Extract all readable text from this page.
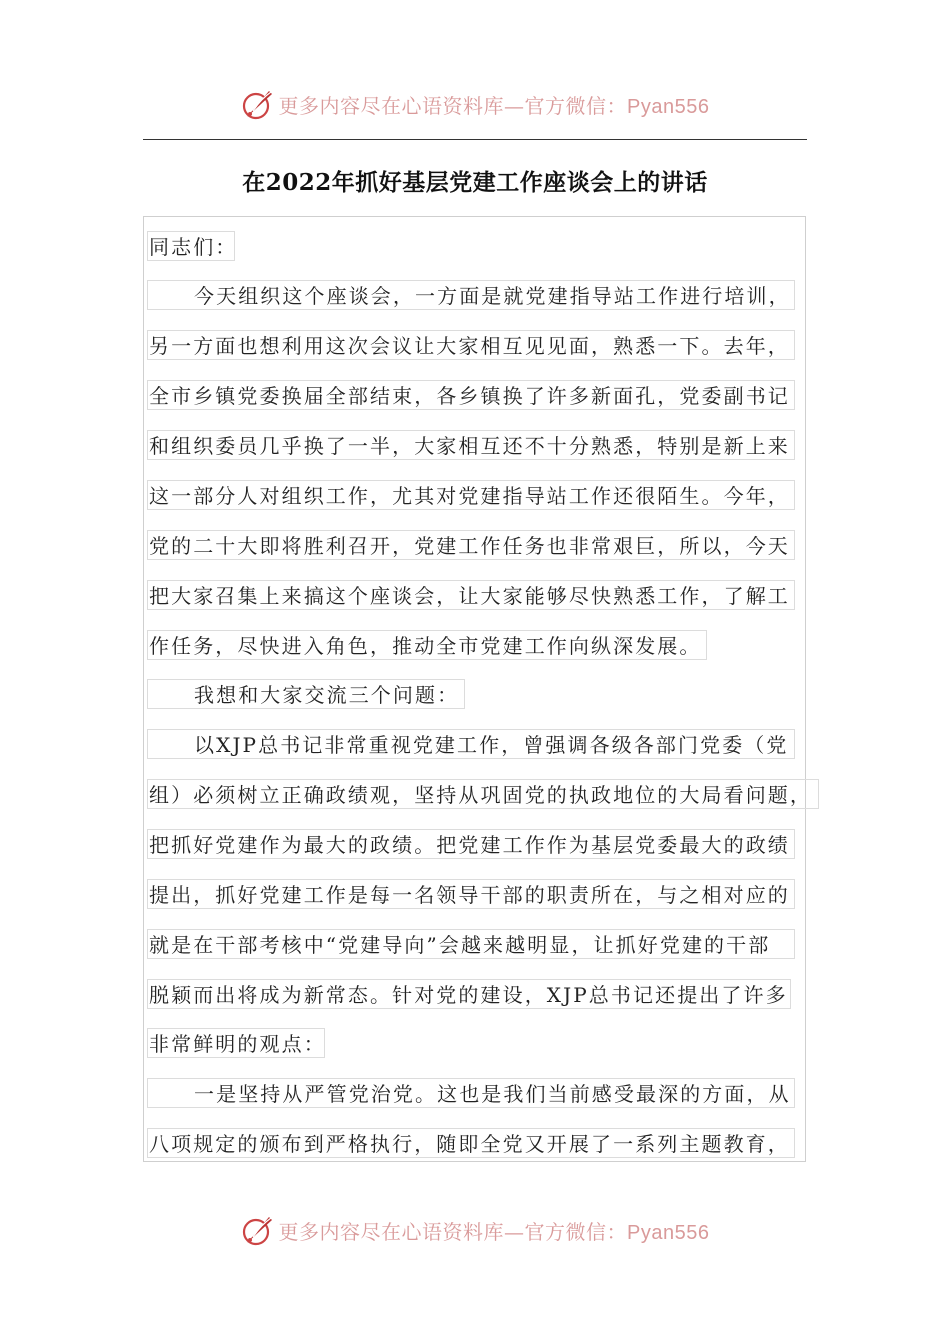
更多内容尽在心语资料库—官方微信：Pyan556
在2022年抓好基层党建工作座谈会上的讲话
同志们：
今天组织这个座谈会，一方面是就党建指导站工作进行培训，
另一方面也想利用这次会议让大家相互见见面，熟悉一下。去年，
全市乡镇党委换届全部结束，各乡镇换了许多新面孔，党委副书记
和组织委员几乎换了一半，大家相互还不十分熟悉，特别是新上来
这一部分人对组织工作，尤其对党建指导站工作还很陌生。今年，
党的二十大即将胜利召开，党建工作任务也非常艰巨，所以，今天
把大家召集上来搞这个座谈会，让大家能够尽快熟悉工作，了解工
作任务，尽快进入角色，推动全市党建工作向纵深发展。
我想和大家交流三个问题：
以XJP总书记非常重视党建工作，曾强调各级各部门党委（党
组）必须树立正确政绩观，坚持从巩固党的执政地位的大局看问题，
把抓好党建作为最大的政绩。把党建工作作为基层党委最大的政绩
提出，抓好党建工作是每一名领导干部的职责所在，与之相对应的
就是在干部考核中“党建导向”会越来越明显，让抓好党建的干部
脱颖而出将成为新常态。针对党的建设，XJP总书记还提出了许多
非常鲜明的观点：
一是坚持从严管党治党。这也是我们当前感受最深的方面，从
八项规定的颁布到严格执行，随即全党又开展了一系列主题教育，
更多内容尽在心语资料库—官方微信：Pyan556
